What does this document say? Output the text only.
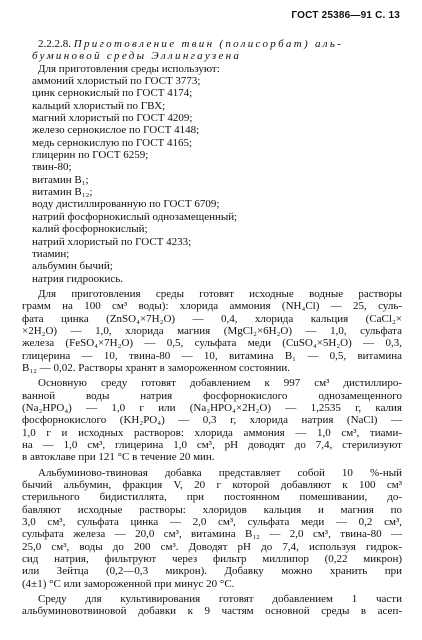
ГОСТ 25386—91 С. 13
2.2.2.8. Приготовление твин (полисорбат) аль-
буминовой среды Эллингаузена
Для приготовления среды используют:
аммоний хлористый по ГОСТ 3773;
цинк сернокислый по ГОСТ 4174;
кальций хлористый по ГВХ;
магний хлористый по ГОСТ 4209;
железо сернокислое по ГОСТ 4148;
медь сернокислую по ГОСТ 4165;
глицерин по ГОСТ 6259;
твин-80;
витамин B₁;
витамин B₁₂;
воду дистиллированную по ГОСТ 6709;
натрий фосфорнокислый однозамещенный;
калий фосфорнокислый;
натрий хлористый по ГОСТ 4233;
тиамин;
альбумин бычий;
натрия гидроокись.
Для приготовления среды готовят исходные водные растворы
грамм на 100 см³ воды): хлорида аммония (NH₄Cl) — 25, суль-
фата цинка (ZnSO₄×7H₂O) — 0,4, хлорида кальция (CaCl₂×
×2H₂O) — 1,0, хлорида магния (MgCl₂×6H₂O) — 1,0, сульфата
железа (FeSO₄×7H₂O) — 0,5, сульфата меди (CuSO₄×5H₂O) — 0,3,
глицерина — 10, твина-80 — 10, витамина B₁ — 0,5, витамина
B₁₂ — 0,02. Растворы хранят в замороженном состоянии.
Основную среду готовят добавлением к 997 см³ дистиллиро-
ванной воды натрия фосфорнокислого однозамещенного
(Na₂HPO₄) — 1,0 г или (Na₂HPO₄×2H₂O) — 1,2535 г, калия
фосфорнокислого (KH₂PO₄) — 0,3 г, хлорида натрия (NaCl) —
1,0 г и исходных растворов: хлорида аммония — 1,0 см³, тиами-
на — 1,0 см³, глицерина 1,0 см³, pH доводят до 7,4, стерилизуют
в автоклаве при 121 °С в течение 20 мин.
Альбуминово-твиновая добавка представляет собой 10 %-ный
бычий альбумин, фракция V, 20 г которой добавляют к 100 см³
стерильного бидистиллята, при постоянном помешивании, до-
бавляют исходные растворы: хлоридов кальция и магния по
3,0 см³, сульфата цинка — 2,0 см³, сульфата меди — 0,2 см³,
сульфата железа — 20,0 см³, витамина B₁₂ — 2,0 см³, твина-80 —
25,0 см³, воды до 200 см³. Доводят pH до 7,4, используя гидрок-
сид натрия, фильтруют через фильтр миллипор (0,22 микрон)
или Зейтца (0,2—0,3 микрон). Добавку можно хранить при
(4±1) °С или замороженной при минус 20 °С.
Среду для культивирования готовят добавлением 1 части
альбуминовотвиновой добавки к 9 частям основной среды в асеп-
